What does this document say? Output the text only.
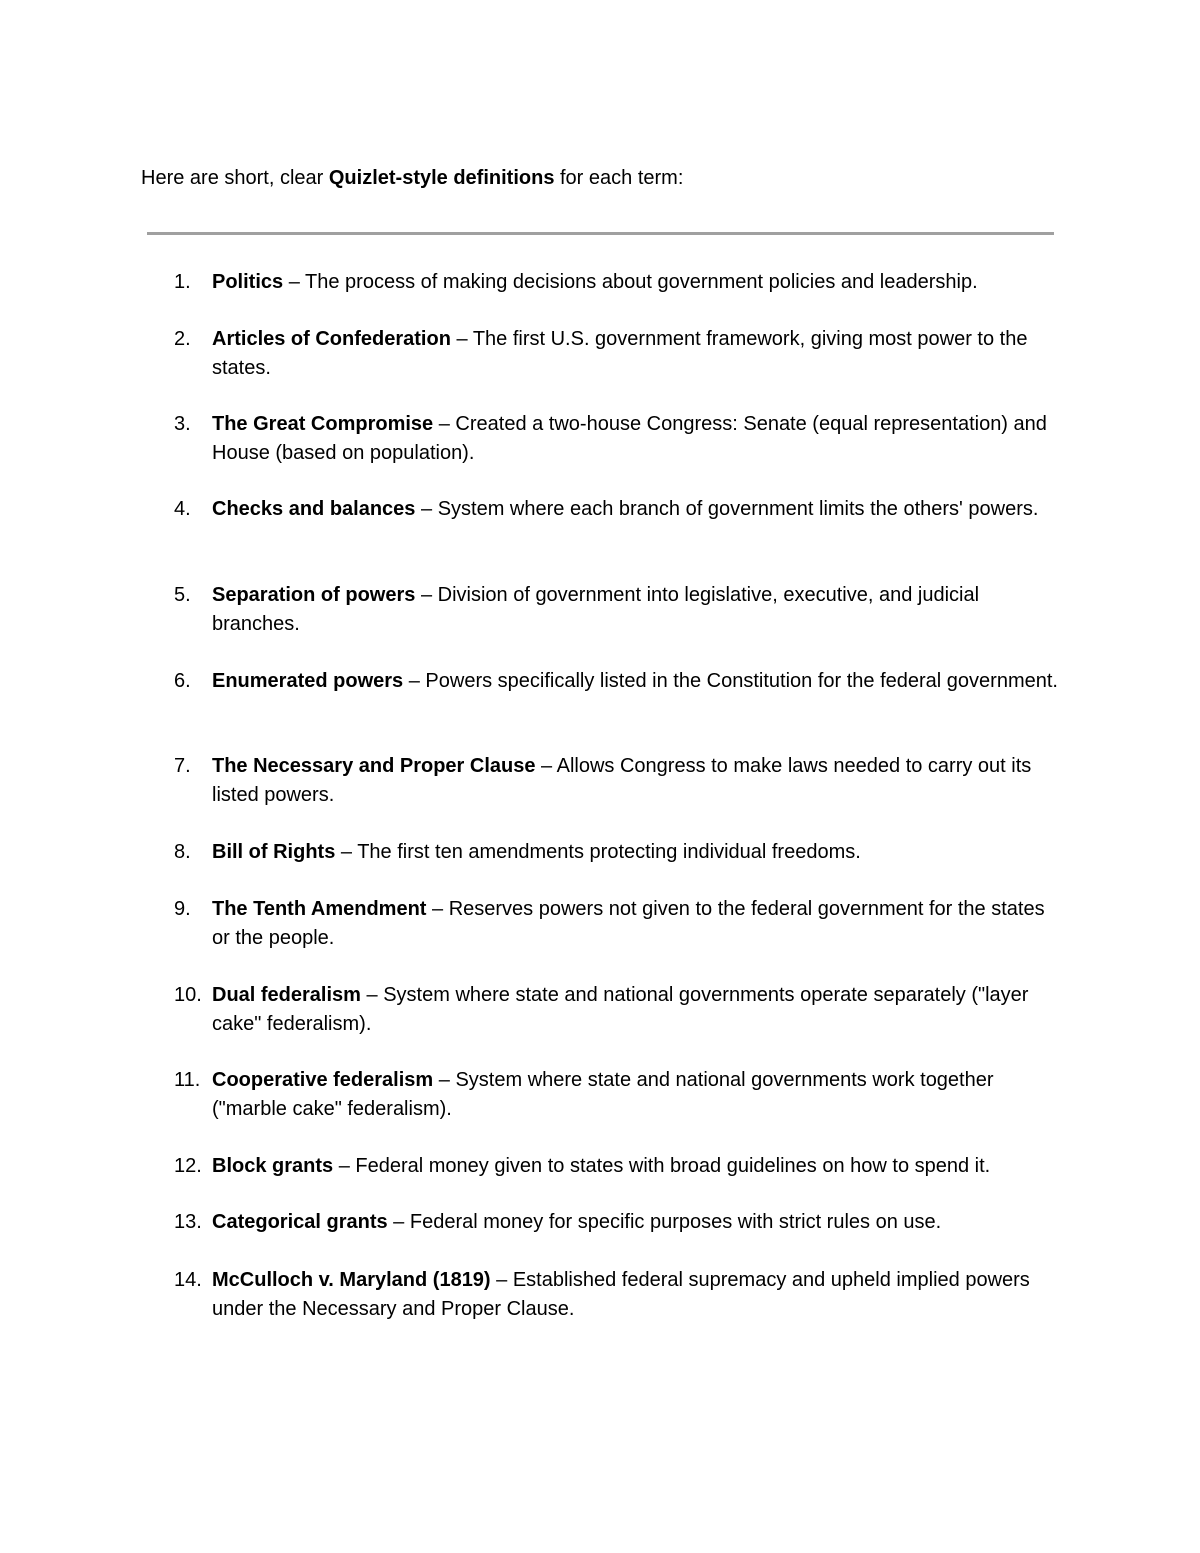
Here are short, clear Quizlet-style definitions for each term:

1.	Politics – The process of making decisions about government policies and leadership.
2.	Articles of Confederation – The first U.S. government framework, giving most power to the states.
3.	The Great Compromise – Created a two-house Congress: Senate (equal representation) and House (based on population).
4.	Checks and balances – System where each branch of government limits the others' powers.
5.	Separation of powers – Division of government into legislative, executive, and judicial branches.
6.	Enumerated powers – Powers specifically listed in the Constitution for the federal government.
7.	The Necessary and Proper Clause – Allows Congress to make laws needed to carry out its listed powers.
8.	Bill of Rights – The first ten amendments protecting individual freedoms.
9.	The Tenth Amendment – Reserves powers not given to the federal government for the states or the people.
10. Dual federalism – System where state and national governments operate separately ("layer cake" federalism).
11. Cooperative federalism – System where state and national governments work together ("marble cake" federalism).
12. Block grants – Federal money given to states with broad guidelines on how to spend it.
13. Categorical grants – Federal money for specific purposes with strict rules on use.
14. McCulloch v. Maryland (1819) – Established federal supremacy and upheld implied powers under the Necessary and Proper Clause.
